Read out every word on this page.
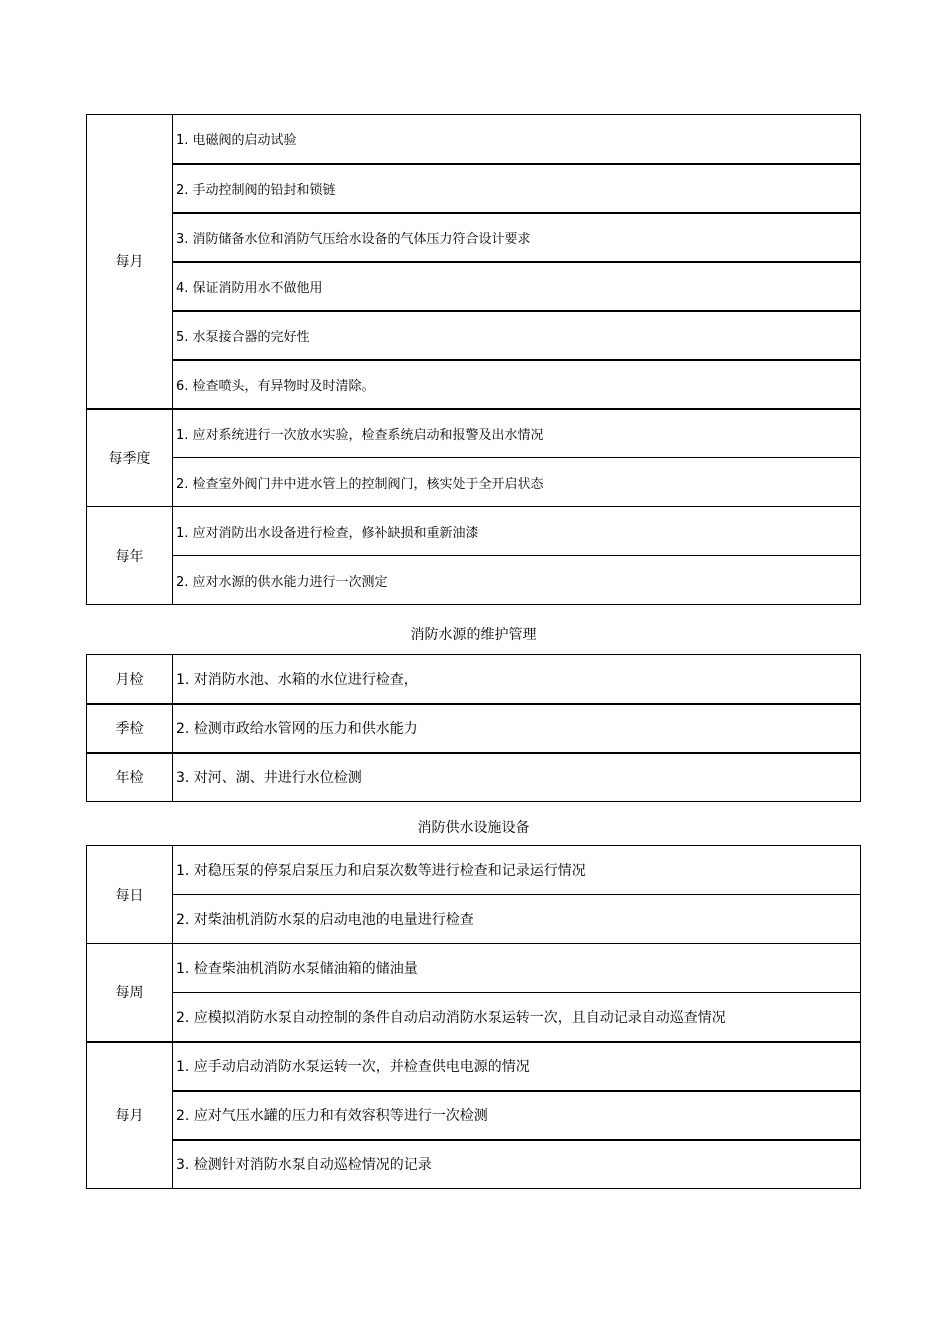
每月	1. 电磁阀的启动试验
	2. 手动控制阀的铅封和锁链
	3. 消防储备水位和消防气压给水设备的气体压力符合设计要求
	4. 保证消防用水不做他用
	5. 水泵接合器的完好性
	6. 检查喷头，有异物时及时清除。
每季度	1. 应对系统进行一次放水实验，检查系统启动和报警及出水情况
	2. 检查室外阀门井中进水管上的控制阀门，核实处于全开启状态
每年	1. 应对消防出水设备进行检查，修补缺损和重新油漆
	2. 应对水源的供水能力进行一次测定
消防水源的维护管理
月检	1. 对消防水池、水箱的水位进行检查，
季检	2. 检测市政给水管网的压力和供水能力
年检	3. 对河、湖、井进行水位检测
消防供水设施设备
每日	1. 对稳压泵的停泵启泵压力和启泵次数等进行检查和记录运行情况
	2. 对柴油机消防水泵的启动电池的电量进行检查
每周	1. 检查柴油机消防水泵储油箱的储油量
	2. 应模拟消防水泵自动控制的条件自动启动消防水泵运转一次，且自动记录自动巡查情况
每月	1. 应手动启动消防水泵运转一次，并检查供电电源的情况
	2. 应对气压水罐的压力和有效容积等进行一次检测
	3. 检测针对消防水泵自动巡检情况的记录
